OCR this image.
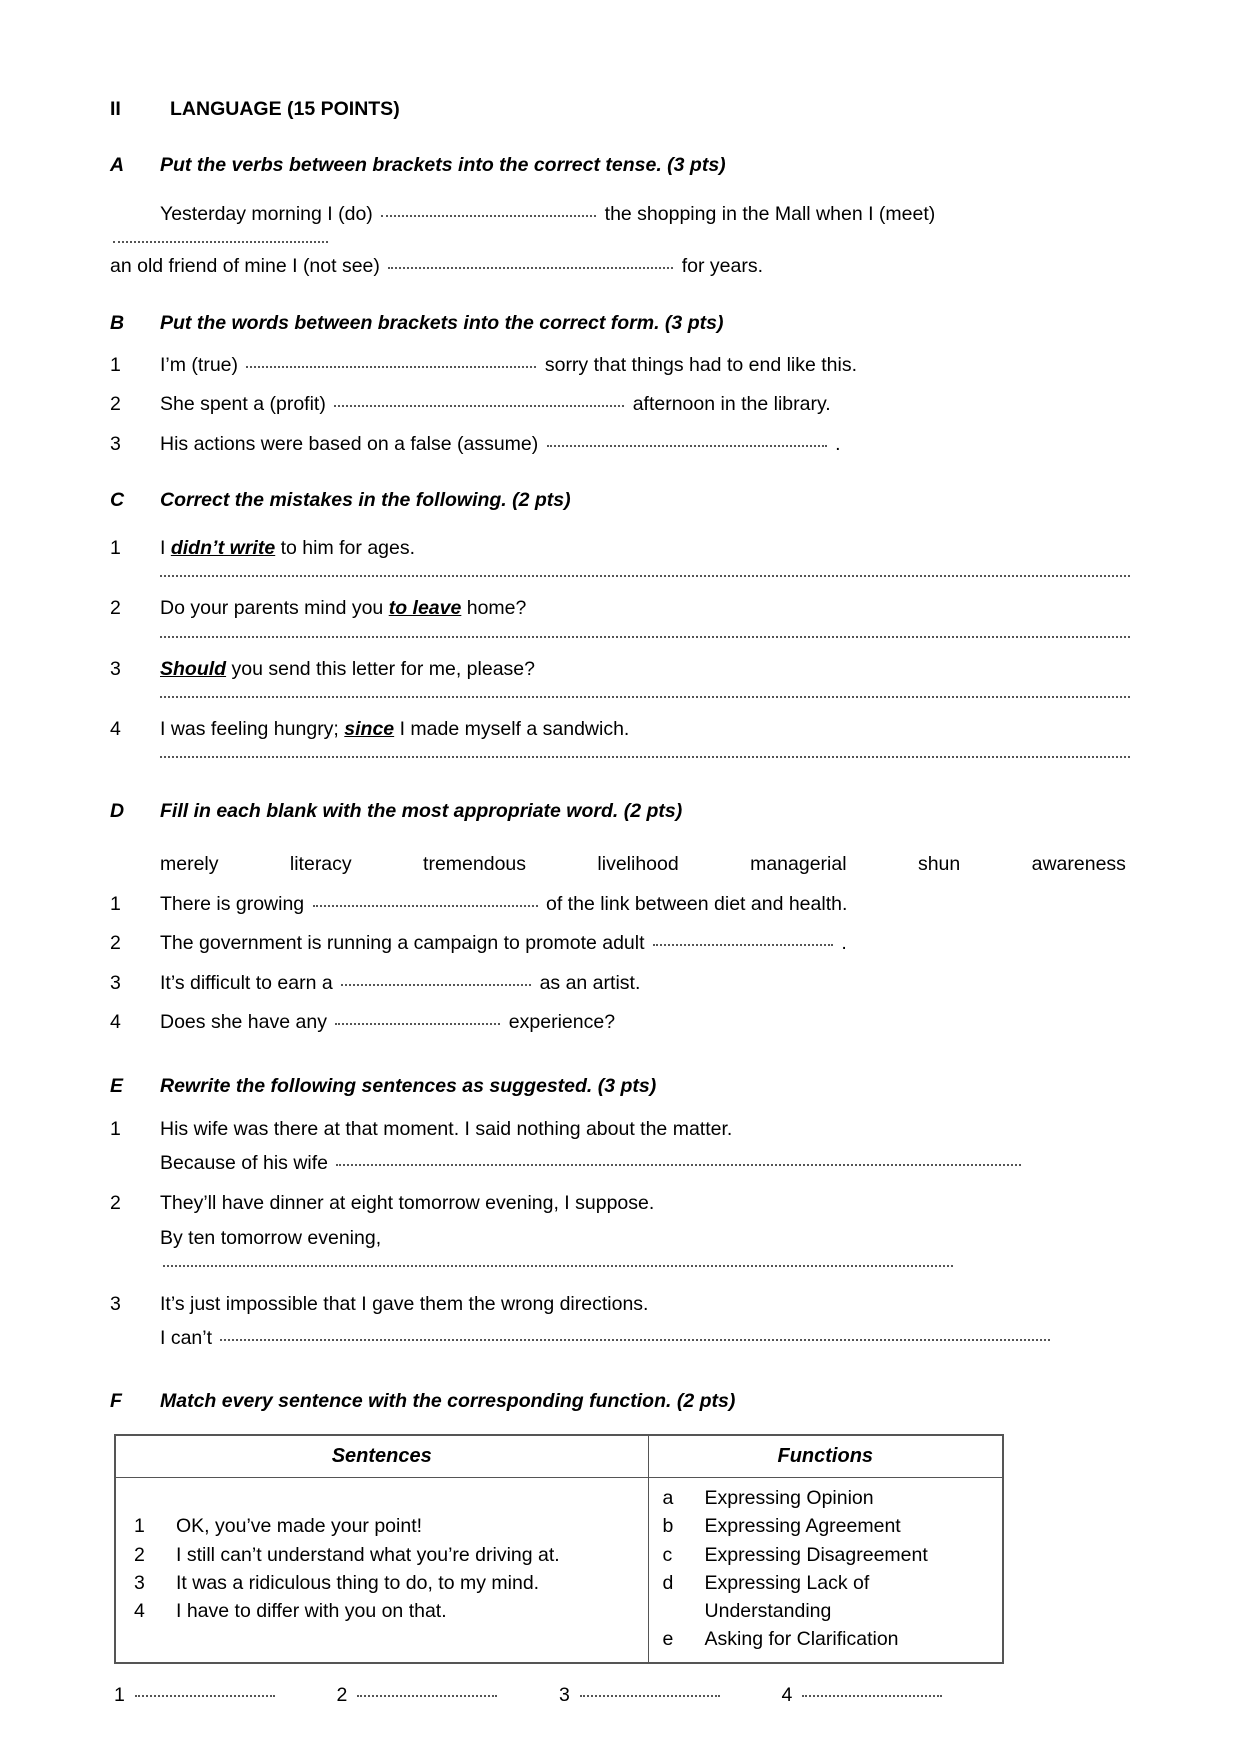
II	LANGUAGE (15 POINTS)
A	Put the verbs between brackets into the correct tense. (3 pts)
Yesterday morning I (do)	the shopping in the Mall when I (meet)
an old friend of mine I (not see)	for years.
B	Put the words between brackets into the correct form. (3 pts)
1	I’m (true)	sorry that things had to end like this.
2	She spent a (profit)	afternoon in the library.
3	His actions were based on a false (assume)	.
C	Correct the mistakes in the following. (2 pts)
1	I didn’t write to him for ages.
2	Do your parents mind you to leave home?
3	Should you send this letter for me, please?
4	I was feeling hungry; since I made myself a sandwich.
D	Fill in each blank with the most appropriate word. (2 pts)
merely	literacy	tremendous	livelihood	managerial	shun	awareness
1	There is growing	of the link between diet and health.
2	The government is running a campaign to promote adult	.
3	It’s difficult to earn a	as an artist.
4	Does she have any	experience?
E	Rewrite the following sentences as suggested. (3 pts)
1	His wife was there at that moment. I said nothing about the matter.
Because of his wife
2	They’ll have dinner at eight tomorrow evening, I suppose.
By ten tomorrow evening,
3	It’s just impossible that I gave them the wrong directions.
I can’t
F	Match every sentence with the corresponding function. (2 pts)
Sentences	Functions

1	OK, you’ve made your point!
2	I still can’t understand what you’re driving at.
3	It was a ridiculous thing to do, to my mind.
4	I have to differ with you on that.

a	Expressing Opinion
b	Expressing Agreement
c	Expressing Disagreement
d	Expressing Lack of Understanding
e	Asking for Clarification
1	2	3	4
